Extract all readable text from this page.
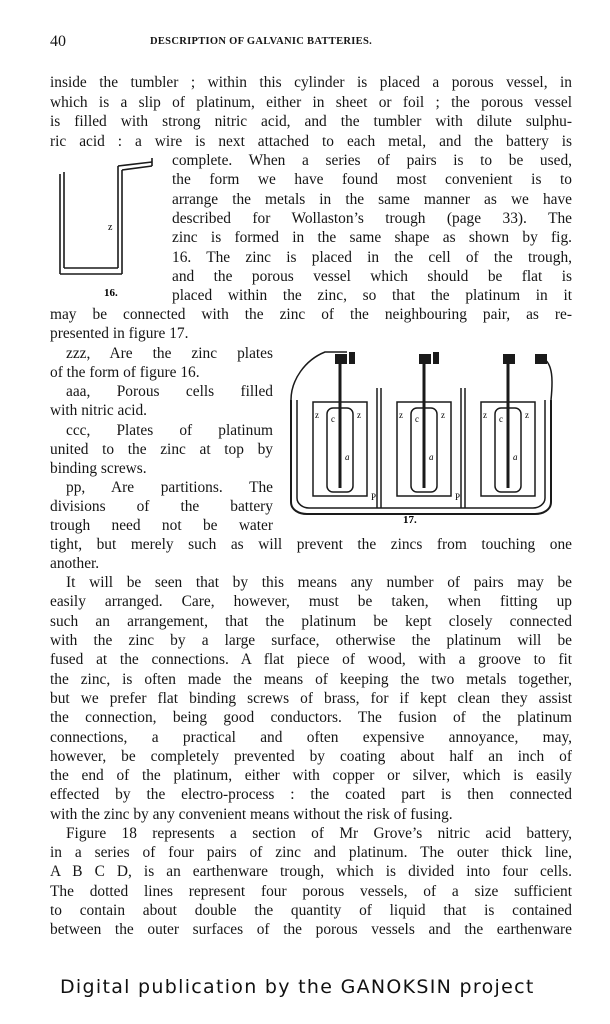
40	DESCRIPTION OF GALVANIC BATTERIES.
inside the tumbler ; within this cylinder is placed a porous vessel, in
which is a slip of platinum, either in sheet or foil ; the porous vessel
is filled with strong nitric acid, and the tumbler with dilute sulphu-
ric acid : a wire is next attached to each metal, and the battery is
complete. When a series of pairs is to be used,
the form we have found most convenient is to
arrange the metals in the same manner as we have
described for Wollaston’s trough (page 33). The
zinc is formed in the same shape as shown by fig.
16. The zinc is placed in the cell of the trough,
and the porous vessel which should be flat is
placed within the zinc, so that the platinum in it
may be connected with the zinc of the neighbouring pair, as re-
presented in figure 17.
zzz, Are the zinc plates
of the form of figure 16.
aaa, Porous cells filled
with nitric acid.
ccc, Plates of platinum
united to the zinc at top by
binding screws.
pp, Are partitions. The
divisions of the battery
trough need not be water
tight, but merely such as will prevent the zincs from touching one
another.
It will be seen that by this means any number of pairs may be
easily arranged. Care, however, must be taken, when fitting up
such an arrangement, that the platinum be kept closely connected
with the zinc by a large surface, otherwise the platinum will be
fused at the connections. A flat piece of wood, with a groove to fit
the zinc, is often made the means of keeping the two metals together,
but we prefer flat binding screws of brass, for if kept clean they assist
the connection, being good conductors. The fusion of the platinum
connections, a practical and often expensive annoyance, may,
however, be completely prevented by coating about half an inch of
the end of the platinum, either with copper or silver, which is easily
effected by the electro-process : the coated part is then connected
with the zinc by any convenient means without the risk of fusing.
Figure 18 represents a section of Mr Grove’s nitric acid battery,
in a series of four pairs of zinc and platinum. The outer thick line,
A B C D, is an earthenware trough, which is divided into four cells.
The dotted lines represent four porous vessels, of a size sufficient
to contain about double the quantity of liquid that is contained
between the outer surfaces of the porous vessels and the earthenware
z
16.
z c z	z c z	z c z
a	a	a
P	P
17.
Digital publication by the GANOKSIN project
